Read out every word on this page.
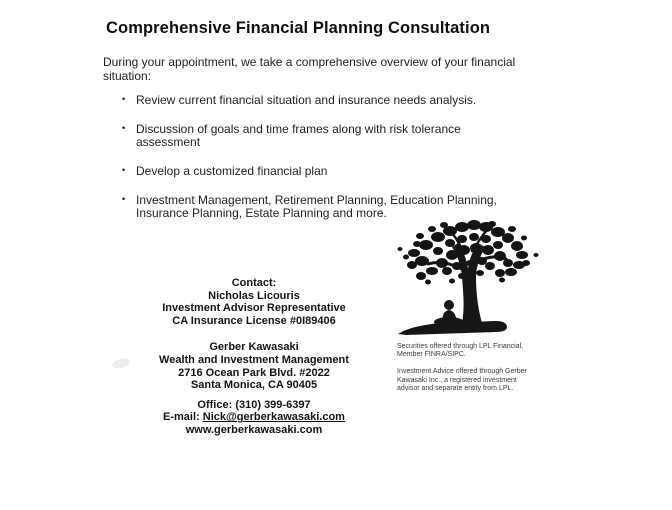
Comprehensive Financial Planning Consultation
During your appointment, we take a comprehensive overview of your financial
situation:
• Review current financial situation and insurance needs analysis.
• Discussion of goals and time frames along with risk tolerance
assessment
• Develop a customized financial plan
• Investment Management, Retirement Planning, Education Planning,
Insurance Planning, Estate Planning and more.
Contact:
Nicholas Licouris
Investment Advisor Representative
CA Insurance License #0I89406
Gerber Kawasaki
Wealth and Investment Management
2716 Ocean Park Blvd. #2022
Santa Monica, CA 90405
Office: (310) 399-6397
E-mail: Nick@gerberkawasaki.com
www.gerberkawasaki.com
Securities offered through LPL Financial,
Member FINRA/SIPC.
Investment Advice offered through Gerber
Kawasaki Inc., a registered investment
advisor and separate entity from LPL.
